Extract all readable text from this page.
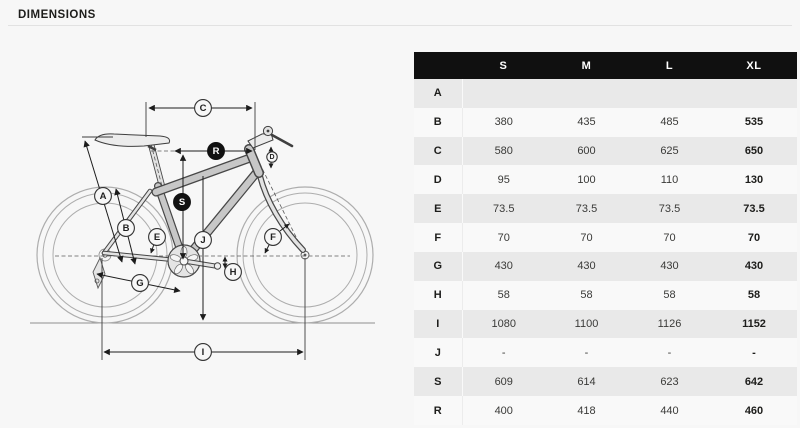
DIMENSIONS
A
B
C
D
E	F
G
H
I
J
S
R
	S	M	L	XL
A				
B	380	435	485	535
C	580	600	625	650
D	95	100	110	130
E	73.5	73.5	73.5	73.5
F	70	70	70	70
G	430	430	430	430
H	58	58	58	58
I	1080	1100	1126	1152
J	-	-	-	-
S	609	614	623	642
R	400	418	440	460
